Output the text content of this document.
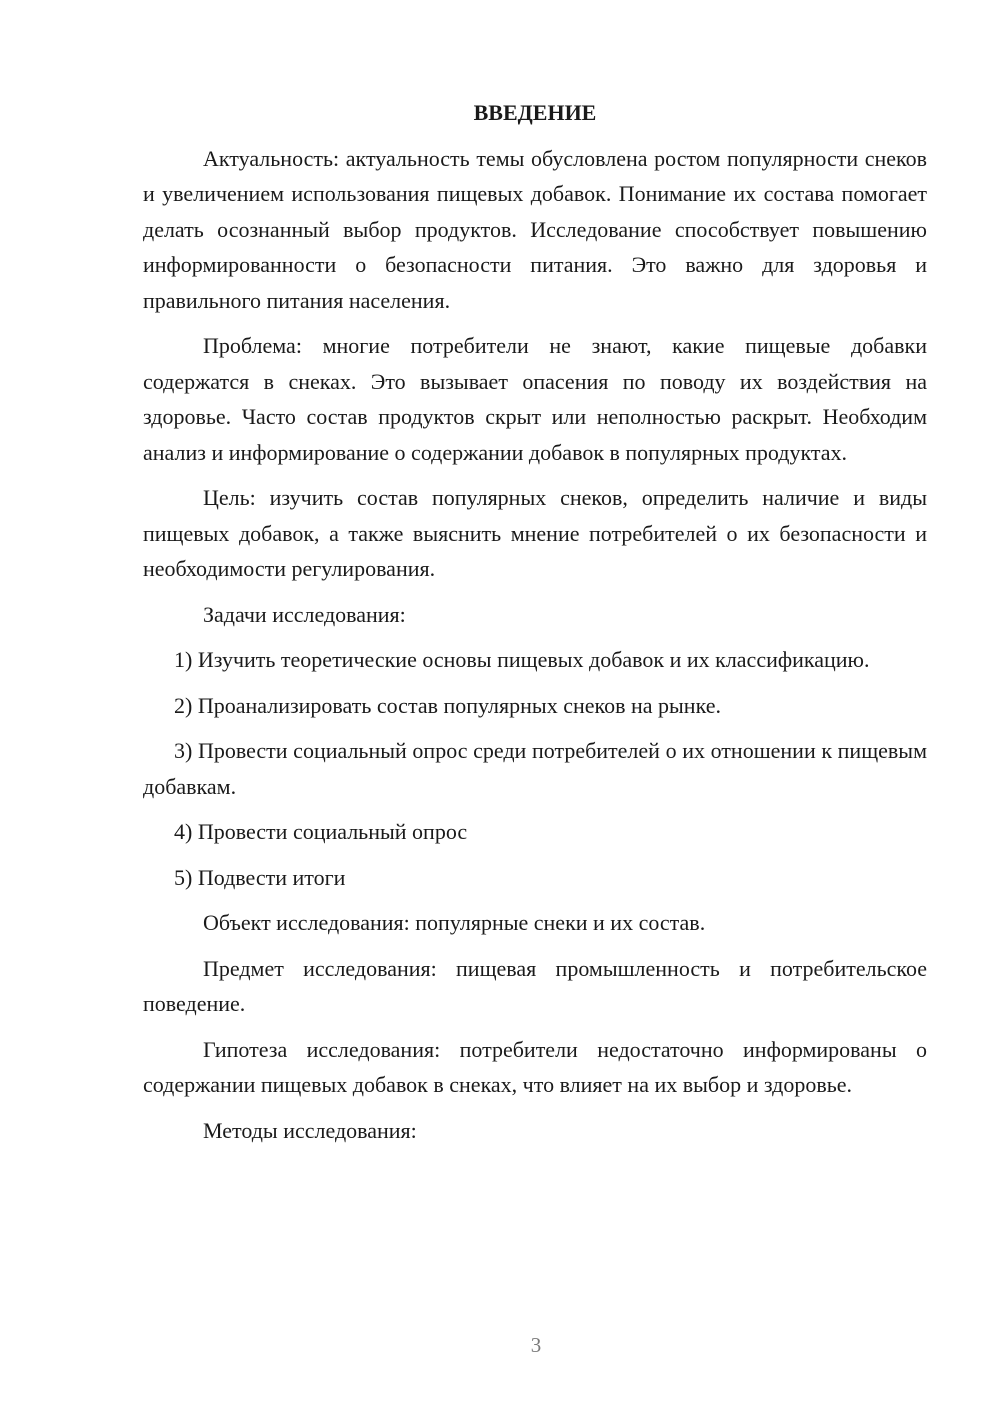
ВВЕДЕНИЕ

Актуальность: актуальность темы обусловлена ростом популярности снеков и увеличением использования пищевых добавок. Понимание их состава помогает делать осознанный выбор продуктов. Исследование способствует повышению информированности о безопасности питания. Это важно для здоровья и правильного питания населения.

Проблема: многие потребители не знают, какие пищевые добавки содержатся в снеках. Это вызывает опасения по поводу их воздействия на здоровье. Часто состав продуктов скрыт или неполностью раскрыт. Необходим анализ и информирование о содержании добавок в популярных продуктах.

Цель: изучить состав популярных снеков, определить наличие и виды пищевых добавок, а также выяснить мнение потребителей о их безопасности и необходимости регулирования.

Задачи исследования:

1) Изучить теоретические основы пищевых добавок и их классификацию.

2) Проанализировать состав популярных снеков на рынке.

3) Провести социальный опрос среди потребителей о их отношении к пищевым добавкам.

4) Провести социальный опрос

5) Подвести итоги

Объект исследования: популярные снеки и их состав.

Предмет исследования: пищевая промышленность и потребительское поведение.

Гипотеза исследования: потребители недостаточно информированы о содержании пищевых добавок в снеках, что влияет на их выбор и здоровье.

Методы исследования:

3
